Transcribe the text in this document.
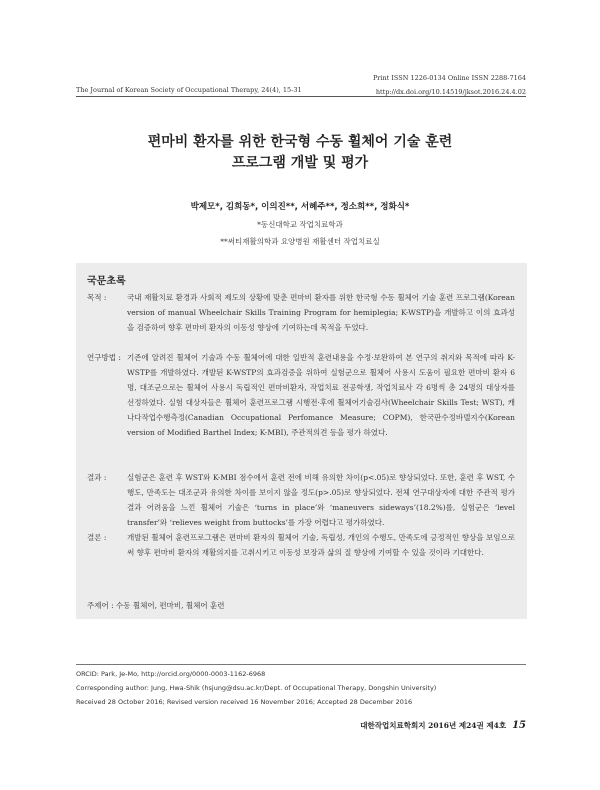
The Journal of Korean Society of Occupational Therapy, 24(4), 15-31
Print ISSN 1226-0134 Online ISSN 2288-7164
http://dx.doi.org/10.14519/jksot.2016.24.4.02
편마비 환자를 위한 한국형 수동 휠체어 기술 훈련
프로그램 개발 및 평가
박제모*, 김희동*, 이의진**, 서혜주**, 정소희**, 정화식*
*동신대학교 작업치료학과
**써티재활의학과 요양병원 재활센터 작업치료실
국문초록
목적 :	국내 재활치료 환경과 사회적 제도의 상황에 맞춘 편마비 환자를 위한 한국형 수동 휠체어 기술 훈련 프로그램(Korean version of manual Wheelchair Skills Training Program for hemiplegia; K-WSTP)을 개발하고 이의 효과성을 검증하여 향후 편마비 환자의 이동성 향상에 기여하는데 목적을 두었다.
연구방법 : 기존에 알려진 휠체어 기술과 수동 휠체어에 대한 일반적 훈련내용을 수정·보완하여 본 연구의 취지와 목적에 따라 K-WSTP를 개발하였다. 개발된 K-WSTP의 효과검증을 위하여 실험군으로 휠체어 사용시 도움이 필요한 편마비 환자 6명, 대조군으로는 휠체어 사용시 독립적인 편마비환자, 작업치료 전공학생, 작업치료사 각 6명씩 총 24명의 대상자를 선정하였다. 실험 대상자들은 휠체어 훈련프로그램 시행전·후에 휠체어기술검사(Wheelchair Skills Test; WST), 캐나다작업수행측정(Canadian Occupational Perfomance Measure; COPM), 한국판수정바델지수(Korean version of Modified Barthel Index; K-MBI), 주관적의견 등을 평가 하였다.
결과 :	실험군은 훈련 후 WST와 K-MBI 점수에서 훈련 전에 비해 유의한 차이(p<.05)로 향상되었다. 또한, 훈련 후 WST, 수행도, 만족도는 대조군과 유의한 차이를 보이지 않을 정도(p>.05)로 향상되었다. 전체 연구대상자에 대한 주관적 평가결과 어려움을 느낀 휠체어 기술은 ‘turns in place’와 ‘maneuvers sideways’(18.2%)를, 실험군은 ‘level transfer’와 ‘relieves weight from buttocks’를 가장 어렵다고 평가하였다.
결론 :	개발된 휠체어 훈련프로그램은 편마비 환자의 휠체어 기술, 독립성, 개인의 수행도, 만족도에 긍정적인 향상을 보임으로써 향후 편마비 환자의 재활의지를 고취시키고 이동성 보장과 삶의 질 향상에 기여할 수 있을 것이라 기대한다.
주제어 : 수동 휠체어, 편마비, 휠체어 훈련
ORCID: Park, Je-Mo, http://orcid.org/0000-0003-1162-6968
Corresponding author: Jung, Hwa-Shik (hsjung@dsu.ac.kr/Dept. of Occupational Therapy, Dongshin University)
Received 28 October 2016; Revised version received 16 November 2016; Accepted 28 December 2016
대한작업치료학회지 2016년 제24권 제4호 15
